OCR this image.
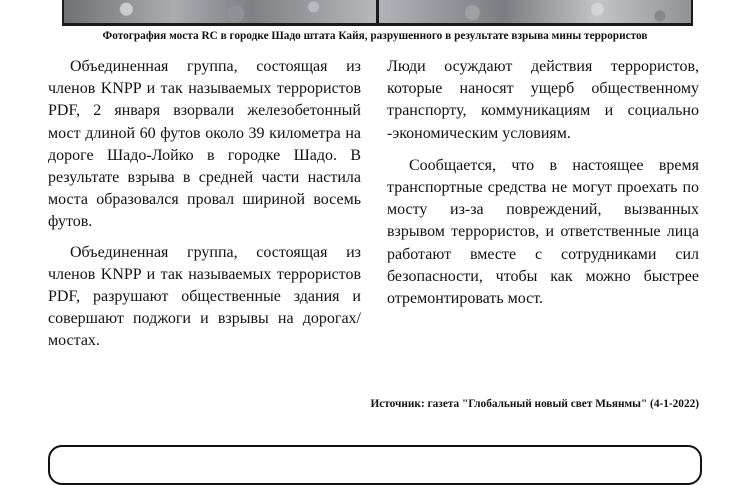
Фотография моста RC в городке Шадо штата Кайя, разрушенного в результате взрыва мины террористов

Объединенная группа, состоящая из членов KNPP и так называемых террористов PDF, 2 января взорвали железобетонный мост длиной 60 футов около 39 километра на дороге Шадо-Лойко в городке Шадо. В результате взрыва в средней части настила моста образовался провал шириной восемь футов.

Объединенная группа, состоящая из членов KNPP и так называемых террористов PDF, разрушают общественные здания и совершают поджоги и взрывы на дорогах/мостах.

Люди осуждают действия террористов, которые наносят ущерб общественному транспорту, коммуникациям и социально -экономическим условиям.

Сообщается, что в настоящее время транспортные средства не могут проехать по мосту из-за повреждений, вызванных взрывом террористов, и ответственные лица работают вместе с сотрудниками сил безопасности, чтобы как можно быстрее отремонтировать мост.

Источник: газета "Глобальный новый свет Мьянмы" (4-1-2022)
